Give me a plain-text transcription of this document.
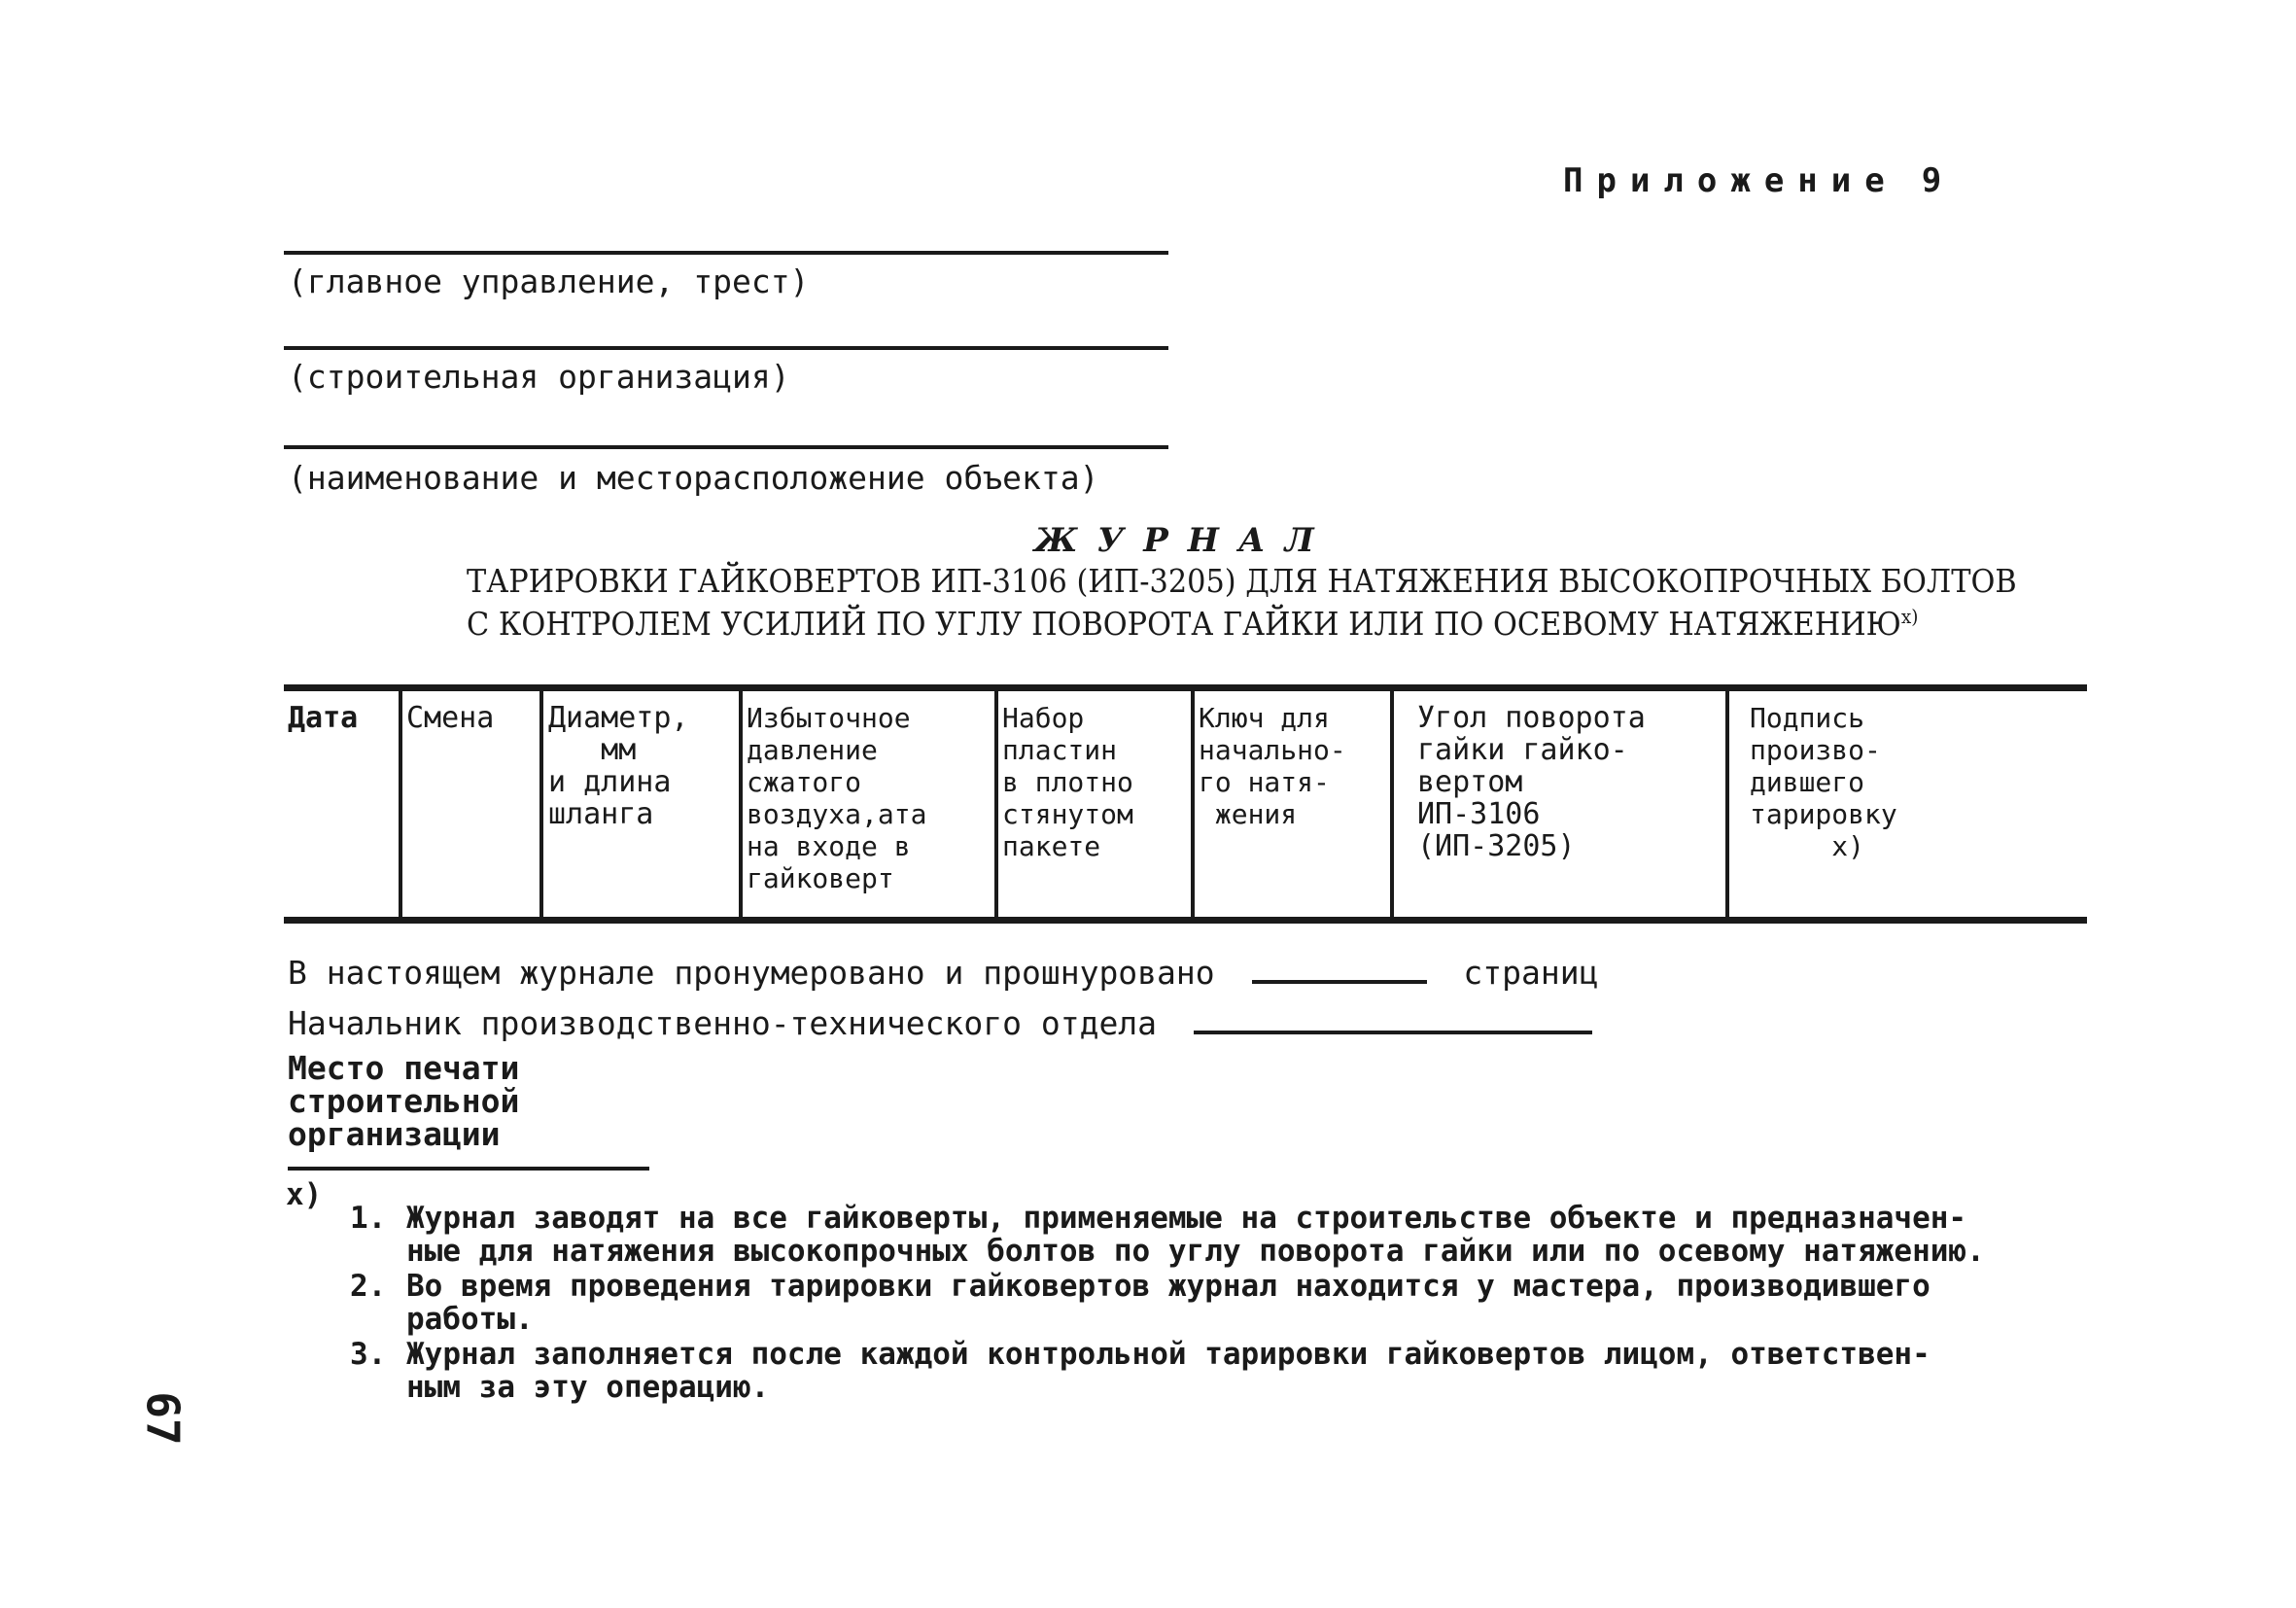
Приложение 9
(главное управление, трест)
(строительная организация)
(наименование и месторасположение объекта)
ЖУРНАЛ
ТАРИРОВКИ ГАЙКОВЕРТОВ ИП-3106 (ИП-3205) ДЛЯ НАТЯЖЕНИЯ ВЫСОКОПРОЧНЫХ БОЛТОВ
С КОНТРОЛЕМ УСИЛИЙ ПО УГЛУ ПОВОРОТА ГАЙКИ ИЛИ ПО ОСЕВОМУ $НАТЯЖЕНИЮ^{х)}$
Дата Смена Диаметр,
мм
и длина
шланга
Избыточное
давление
сжатого
воздуха,ата
на входе в
гайковерт
Набор
пластин
в плотно
стянутом
пакете
Ключ для
начально-
го натя-
жения
Угол поворота
гайки гайко-
вертом
ИП-3106
(ИП-3205)
Подпись
произво-
дившего
тарировку
х)
В настоящем журнале пронумеровано и прошнуровано	страниц
Начальник производственно-технического отдела
Место печати
строительной
организации
х)
1. Журнал заводят на все гайковерты, применяемые на строительстве объекте и предназначен-
ные для натяжения высокопрочных болтов по углу поворота гайки или по осевому натяжению.
2. Во время проведения тарировки гайковертов журнал находится у мастера, производившего
работы.
3. Журнал заполняется после каждой контрольной тарировки гайковертов лицом, ответствен-
ным за эту операцию.
67
